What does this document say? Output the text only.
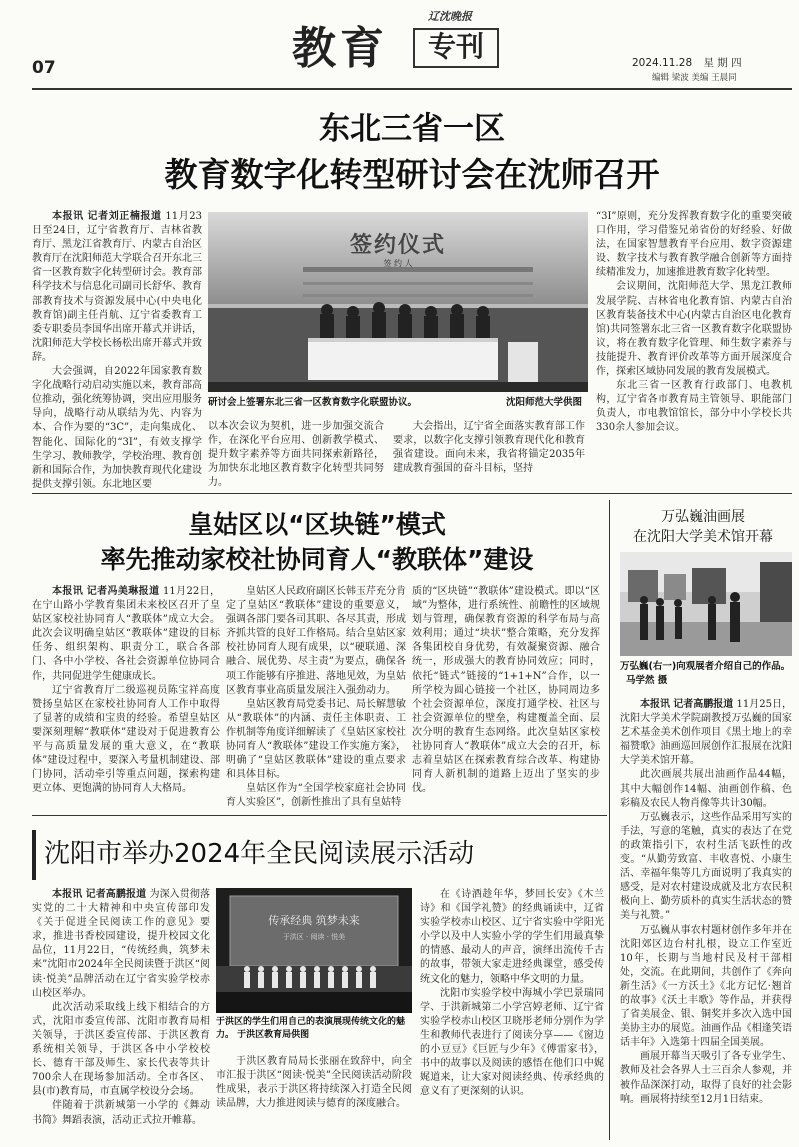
07	教育
辽沈晚报
专刊	2024.11.28 星 期 四
编辑 梁波 美编 王晨同
东北三省一区
教育数字化转型研讨会在沈师召开

本报讯 记者刘正楠报道 11月23日至24日，辽宁省教育厅、吉林省教育厅、黑龙江省教育厅、内蒙古自治区教育厅在沈阳师范大学联合召开东北三省一区教育数字化转型研讨会。教育部科学技术与信息化司副司长舒华、教育部教育技术与资源发展中心(中央电化教育馆)副主任肖航、辽宁省委教育工委专职委员李国华出席开幕式并讲话，沈阳师范大学校长杨松出席开幕式并致辞。

大会强调，自2022年国家教育数字化战略行动启动实施以来，教育部高位推动，强化统筹协调，突出应用服务导向，战略行动从联结为先、内容为本、合作为要的“3C”，走向集成化、智能化、国际化的“3I”，有效支撑学生学习、教师教学，学校治理、教育创新和国际合作，为加快教育现代化建设提供支撑引领。东北地区要

签约仪式
签 约 人
研讨会上签署东北三省一区教育数字化联盟协议。	沈阳师范大学供图

以本次会议为契机，进一步加强交流合作，在深化平台应用、创新教学模式、提升数字素养等方面共同探索新路径，为加快东北地区教育数字化转型共同努力。

大会指出，辽宁省全面落实教育部工作要求，以数字化支撑引领教育现代化和教育强省建设。面向未来，我省将锚定2035年建成教育强国的奋斗目标，坚持

“3I”原则，充分发挥教育数字化的重要突破口作用，学习借鉴兄弟省份的好经验、好做法，在国家智慧教育平台应用、数字资源建设、数字技术与教育教学融合创新等方面持续精准发力，加速推进教育数字化转型。

会议期间，沈阳师范大学、黑龙江教师发展学院、吉林省电化教育馆、内蒙古自治区教育装备技术中心(内蒙古自治区电化教育馆)共同签署东北三省一区教育数字化联盟协议，将在教育数字化管理、师生数字素养与技能提升、教育评价改革等方面开展深度合作，探索区域协同发展的教育发展模式。

东北三省一区教育行政部门、电教机构，辽宁省各市教育局主管领导、职能部门负责人，市电教馆馆长，部分中小学校长共330余人参加会议。

皇姑区以“区块链”模式
率先推动家校社协同育人“教联体”建设

本报讯 记者冯美琳报道 11月22日，在宁山路小学教育集团未来校区召开了皇姑区家校社协同育人“教联体”成立大会。此次会议明确皇姑区“教联体”建设的目标任务、组织架构、职责分工，联合各部门、各中小学校、各社会资源单位协同合作，共同促进学生健康成长。

辽宁省教育厅二级巡视员陈宝祥高度赞扬皇姑区在家校社协同育人工作中取得了显著的成绩和宝贵的经验。希望皇姑区要深刻理解“教联体”建设对于促进教育公平与高质量发展的重大意义，在“教联体”建设过程中，要深入考量机制建设、部门协同，活动牵引等重点问题，探索构建更立体、更饱满的协同育人大格局。

皇姑区人民政府副区长韩玉芹充分肯定了皇姑区“教联体”建设的重要意义，强调各部门要各司其职、各尽其责，形成齐抓共管的良好工作格局。结合皇姑区家校社协同育人现有成果，以“硬联通、深融合、展优势、尽主责”为要点，确保各项工作能够有序推进、落地见效，为皇姑区教育事业高质量发展注入强劲动力。

皇姑区教育局党委书记、局长解慧敏从“教联体”的内涵、责任主体职责、工作机制等角度详细解读了《皇姑区家校社协同育人“教联体”建设工作实施方案》，明确了“皇姑区教联体”建设的重点要求和具体目标。

皇姑区作为“全国学校家庭社会协同育人实验区”，创新性推出了具有皇姑特

质的“区块链”“教联体”建设模式。即以“区域”为整体，进行系统性、前瞻性的区域规划与管理，确保教育资源的科学布局与高效利用；通过“块状”整合策略，充分发挥各集团校自身优势，有效凝聚资源、融合统一，形成强大的教育协同效应；同时，依托“链式”链接的“1+1+N”合作，以一所学校为圆心链接一个社区，协同周边多个社会资源单位，深度打通学校、社区与社会资源单位的壁垒，构建覆盖全面、层次分明的教育生态网络。此次皇姑区家校社协同育人“教联体”成立大会的召开，标志着皇姑区在探索教育综合改革、构建协同育人新机制的道路上迈出了坚实的步伐。

沈阳市举办2024年全民阅读展示活动

本报讯 记者高鹏报道 为深入贯彻落实党的二十大精神和中央宣传部印发《关于促进全民阅读工作的意见》要求，推进书香校园建设，提升校园文化品位，11月22日，“传统经典，筑梦未来”沈阳市2024年全民阅读暨于洪区“阅读·悦美”品牌活动在辽宁省实验学校赤山校区举办。

此次活动采取线上线下相结合的方式，沈阳市委宣传部、沈阳市教育局相关领导，于洪区委宣传部、于洪区教育系统相关领导，于洪区各中小学校校长、德育干部及师生、家长代表等共计700余人在现场参加活动。全市各区、县(市)教育局，市直属学校设分会场。

伴随着于洪新城第一小学的《舞动书简》舞蹈表演，活动正式拉开帷幕。

传承经典 筑梦未来
于洪区 · 阅读 · 悦美
于洪区的学生们用自己的表演展现传统文化的魅力。 于洪区教育局供图

于洪区教育局局长张丽在致辞中，向全市汇报于洪区“阅读·悦美”全民阅读活动阶段性成果，表示于洪区将持续深入打造全民阅读品牌，大力推进阅读与德育的深度融合。

在《诗酒趁年华，梦回长安》《木兰诗》和《国学礼赞》的经典诵读中，辽省实验学校赤山校区、辽宁省实验中学阳光小学以及中人实验小学的学生们用最真挚的情感、最动人的声音，演绎出流传千古的故事，带领大家走进经典课堂，感受传统文化的魅力，领略中华文明的力量。

沈阳市实验学校中海城小学巴景瑞同学、于洪新城第二小学宫婷老师、辽宁省实验学校赤山校区卫晓彤老师分别作为学生和教师代表进行了阅读分享——《窗边的小豆豆》《巨匠与少年》《傅雷家书》，书中的故事以及阅读的感悟在他们口中娓娓道来，让大家对阅读经典、传承经典的意义有了更深刻的认识。

万弘巍油画展
在沈阳大学美术馆开幕
万弘巍(右一)向观展者介绍自己的作品。 马学然 摄

本报讯 记者高鹏报道 11月25日，沈阳大学美术学院副教授万弘巍的国家艺术基金美术创作项目《黑土地上的幸福赞歌》油画巡回展创作汇报展在沈阳大学美术馆开幕。

此次画展共展出油画作品44幅，其中大幅创作14幅、油画创作稿、色彩稿及农民人物肖像等共计30幅。

万弘巍表示，这些作品采用写实的手法，写意的笔触，真实的表达了在党的政策指引下，农村生活飞跃性的改变。“从勤劳致富、丰收喜悦、小康生活、幸福年集等几方面说明了我真实的感受，是对农村建设成就及北方农民积极向上、勤劳质朴的真实生活状态的赞美与礼赞。”

万弘巍从事农村题材创作多年并在沈阳郊区边台村扎根，设立工作室近10年，长期与当地村民及村干部相处，交流。在此期间，共创作了《奔向新生活》《一方沃土》《北方记忆·翘首的故事》《沃土丰歌》等作品，并获得了省美展金、银、铜奖并多次入选中国美协主办的展览。油画作品《相逢笑语话丰年》入选第十四届全国美展。

画展开幕当天吸引了各专业学生、教师及社会各界人士三百余人参观，并被作品深深打动，取得了良好的社会影响。画展将持续至12月1日结束。
